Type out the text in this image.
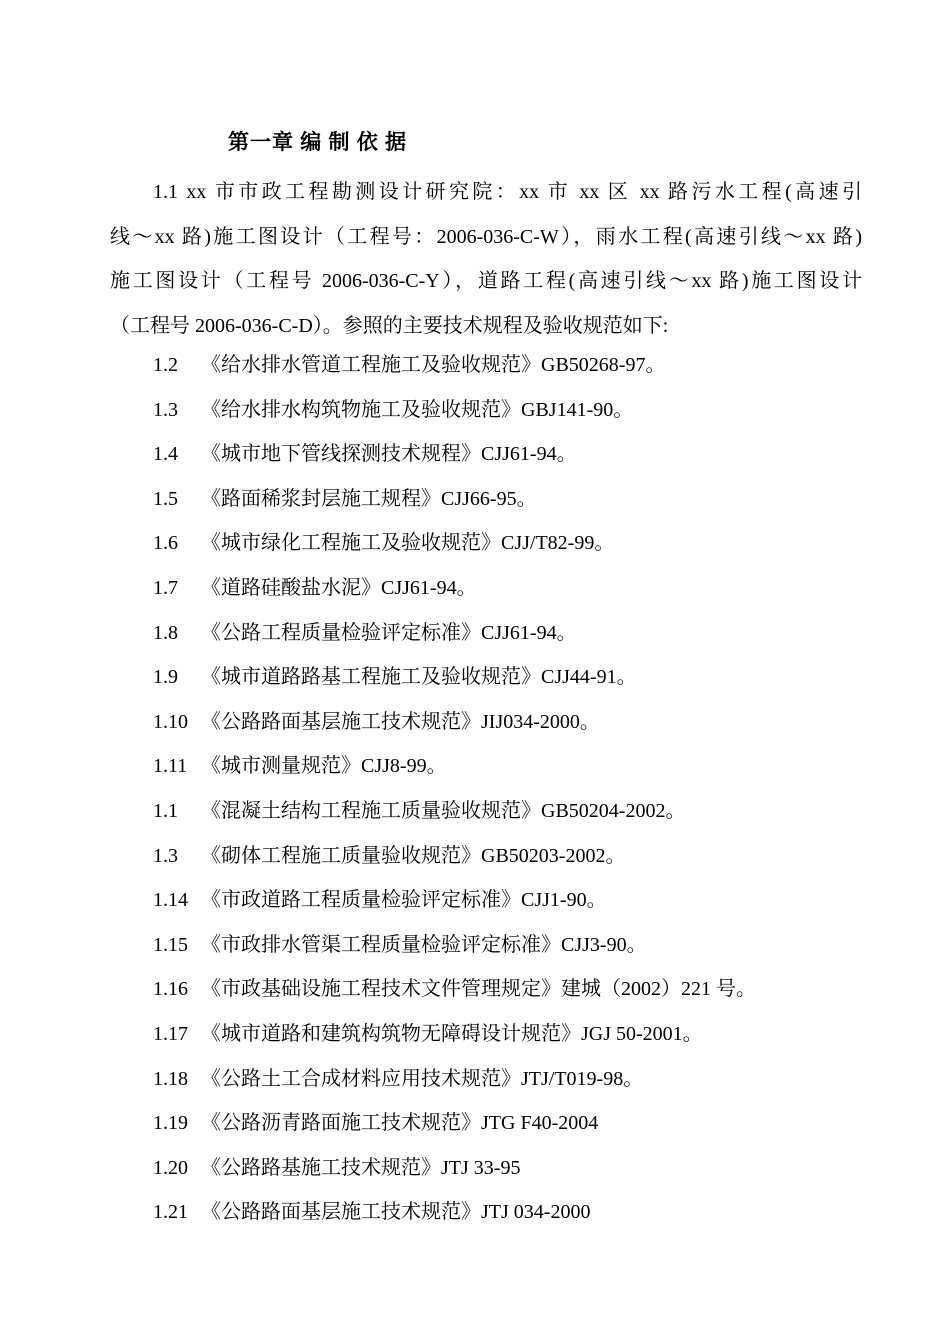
第一章 编 制 依 据
1.1 xx 市市政工程勘测设计研究院：xx 市 xx 区 xx 路污水工程(高速引
线～xx 路)施工图设计（工程号：2006-036-C-W），雨水工程(高速引线～xx 路)
施工图设计（工程号 2006-036-C-Y），道路工程(高速引线～xx 路)施工图设计
（工程号 2006-036-C-D）。参照的主要技术规程及验收规范如下:
1.2	《给水排水管道工程施工及验收规范》GB50268-97。
1.3	《给水排水构筑物施工及验收规范》GBJ141-90。
1.4	《城市地下管线探测技术规程》CJJ61-94。
1.5	《路面稀浆封层施工规程》CJJ66-95。
1.6	《城市绿化工程施工及验收规范》CJJ/T82-99。
1.7	《道路硅酸盐水泥》CJJ61-94。
1.8	《公路工程质量检验评定标准》CJJ61-94。
1.9	《城市道路路基工程施工及验收规范》CJJ44-91。
1.10 《公路路面基层施工技术规范》JIJ034-2000。
1.11 《城市测量规范》CJJ8-99。
1.1	《混凝土结构工程施工质量验收规范》GB50204-2002。
1.3	《砌体工程施工质量验收规范》GB50203-2002。
1.14 《市政道路工程质量检验评定标准》CJJ1-90。
1.15 《市政排水管渠工程质量检验评定标准》CJJ3-90。
1.16 《市政基础设施工程技术文件管理规定》建城（2002）221 号。
1.17 《城市道路和建筑构筑物无障碍设计规范》JGJ 50-2001。
1.18 《公路土工合成材料应用技术规范》JTJ/T019-98。
1.19 《公路沥青路面施工技术规范》JTG F40-2004
1.20 《公路路基施工技术规范》JTJ 33-95
1.21 《公路路面基层施工技术规范》JTJ 034-2000
